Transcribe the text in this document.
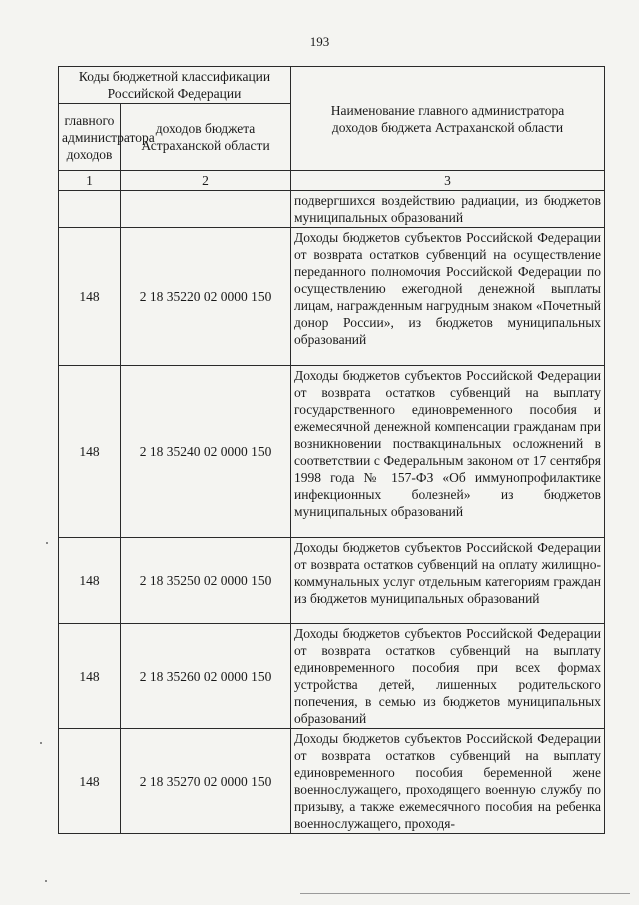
193
Коды бюджетной классификации Российской Федерации		Наименование главного администратора доходов бюджета Астраханской области
главного администратора доходов	доходов бюджета Астраханской области	
1	2	3
		подвергшихся воздействию радиации, из бюджетов муниципальных образований
148	2 18 35220 02 0000 150	Доходы бюджетов субъектов Российской Федерации от возврата остатков субвенций на осуществление переданного полномочия Российской Федерации по осуществлению ежегодной денежной выплаты лицам, награжденным нагрудным знаком «Почетный донор России», из бюджетов муниципальных образований
148	2 18 35240 02 0000 150	Доходы бюджетов субъектов Российской Федерации от возврата остатков субвенций на выплату государственного единовременного пособия и ежемесячной денежной компенсации гражданам при возникновении поствакцинальных осложнений в соответствии с Федеральным законом от 17 сентября 1998 года № 157-ФЗ «Об иммунопрофилактике инфекционных болезней» из бюджетов муниципальных образований
148	2 18 35250 02 0000 150	Доходы бюджетов субъектов Российской Федерации от возврата остатков субвенций на оплату жилищно-коммунальных услуг отдельным категориям граждан из бюджетов муниципальных образований
148	2 18 35260 02 0000 150	Доходы бюджетов субъектов Российской Федерации от возврата остатков субвенций на выплату единовременного пособия при всех формах устройства детей, лишенных родительского попечения, в семью из бюджетов муниципальных образований
148	2 18 35270 02 0000 150	Доходы бюджетов субъектов Российской Федерации от возврата остатков субвенций на выплату единовременного пособия беременной жене военнослужащего, проходящего военную службу по призыву, а также ежемесячного пособия на ребенка военнослужащего, проходя-
